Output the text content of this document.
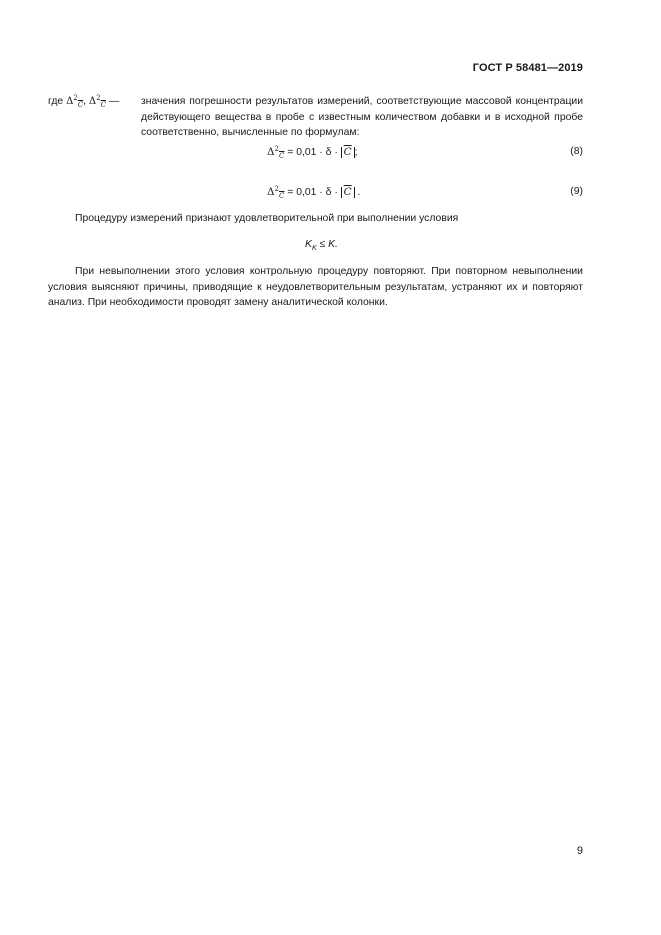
ГОСТ Р 58481—2019
где $\Delta^2_{\overline{C}}$, $\Delta^2_{\overline{C}}$ — значения погрешности результатов измерений, соответствующие массовой концентрации действующего вещества в пробе с известным количеством добавки и в исходной пробе соответственно, вычисленные по формулам:
$\Delta^2_{\overline{C}} = 0,01 \cdot \delta \cdot \overline{C}$ ;	(8)
$\Delta^2_{\overline{C}} = 0,01 \cdot \delta \cdot \overline{C}$ .	(9)
Процедуру измерений признают удовлетворительной при выполнении условия
$K_K \le K$.
При невыполнении этого условия контрольную процедуру повторяют. При повторном невыполнении условия выясняют причины, приводящие к неудовлетворительным результатам, устраняют их и повторяют анализ. При необходимости проводят замену аналитической колонки.
9
